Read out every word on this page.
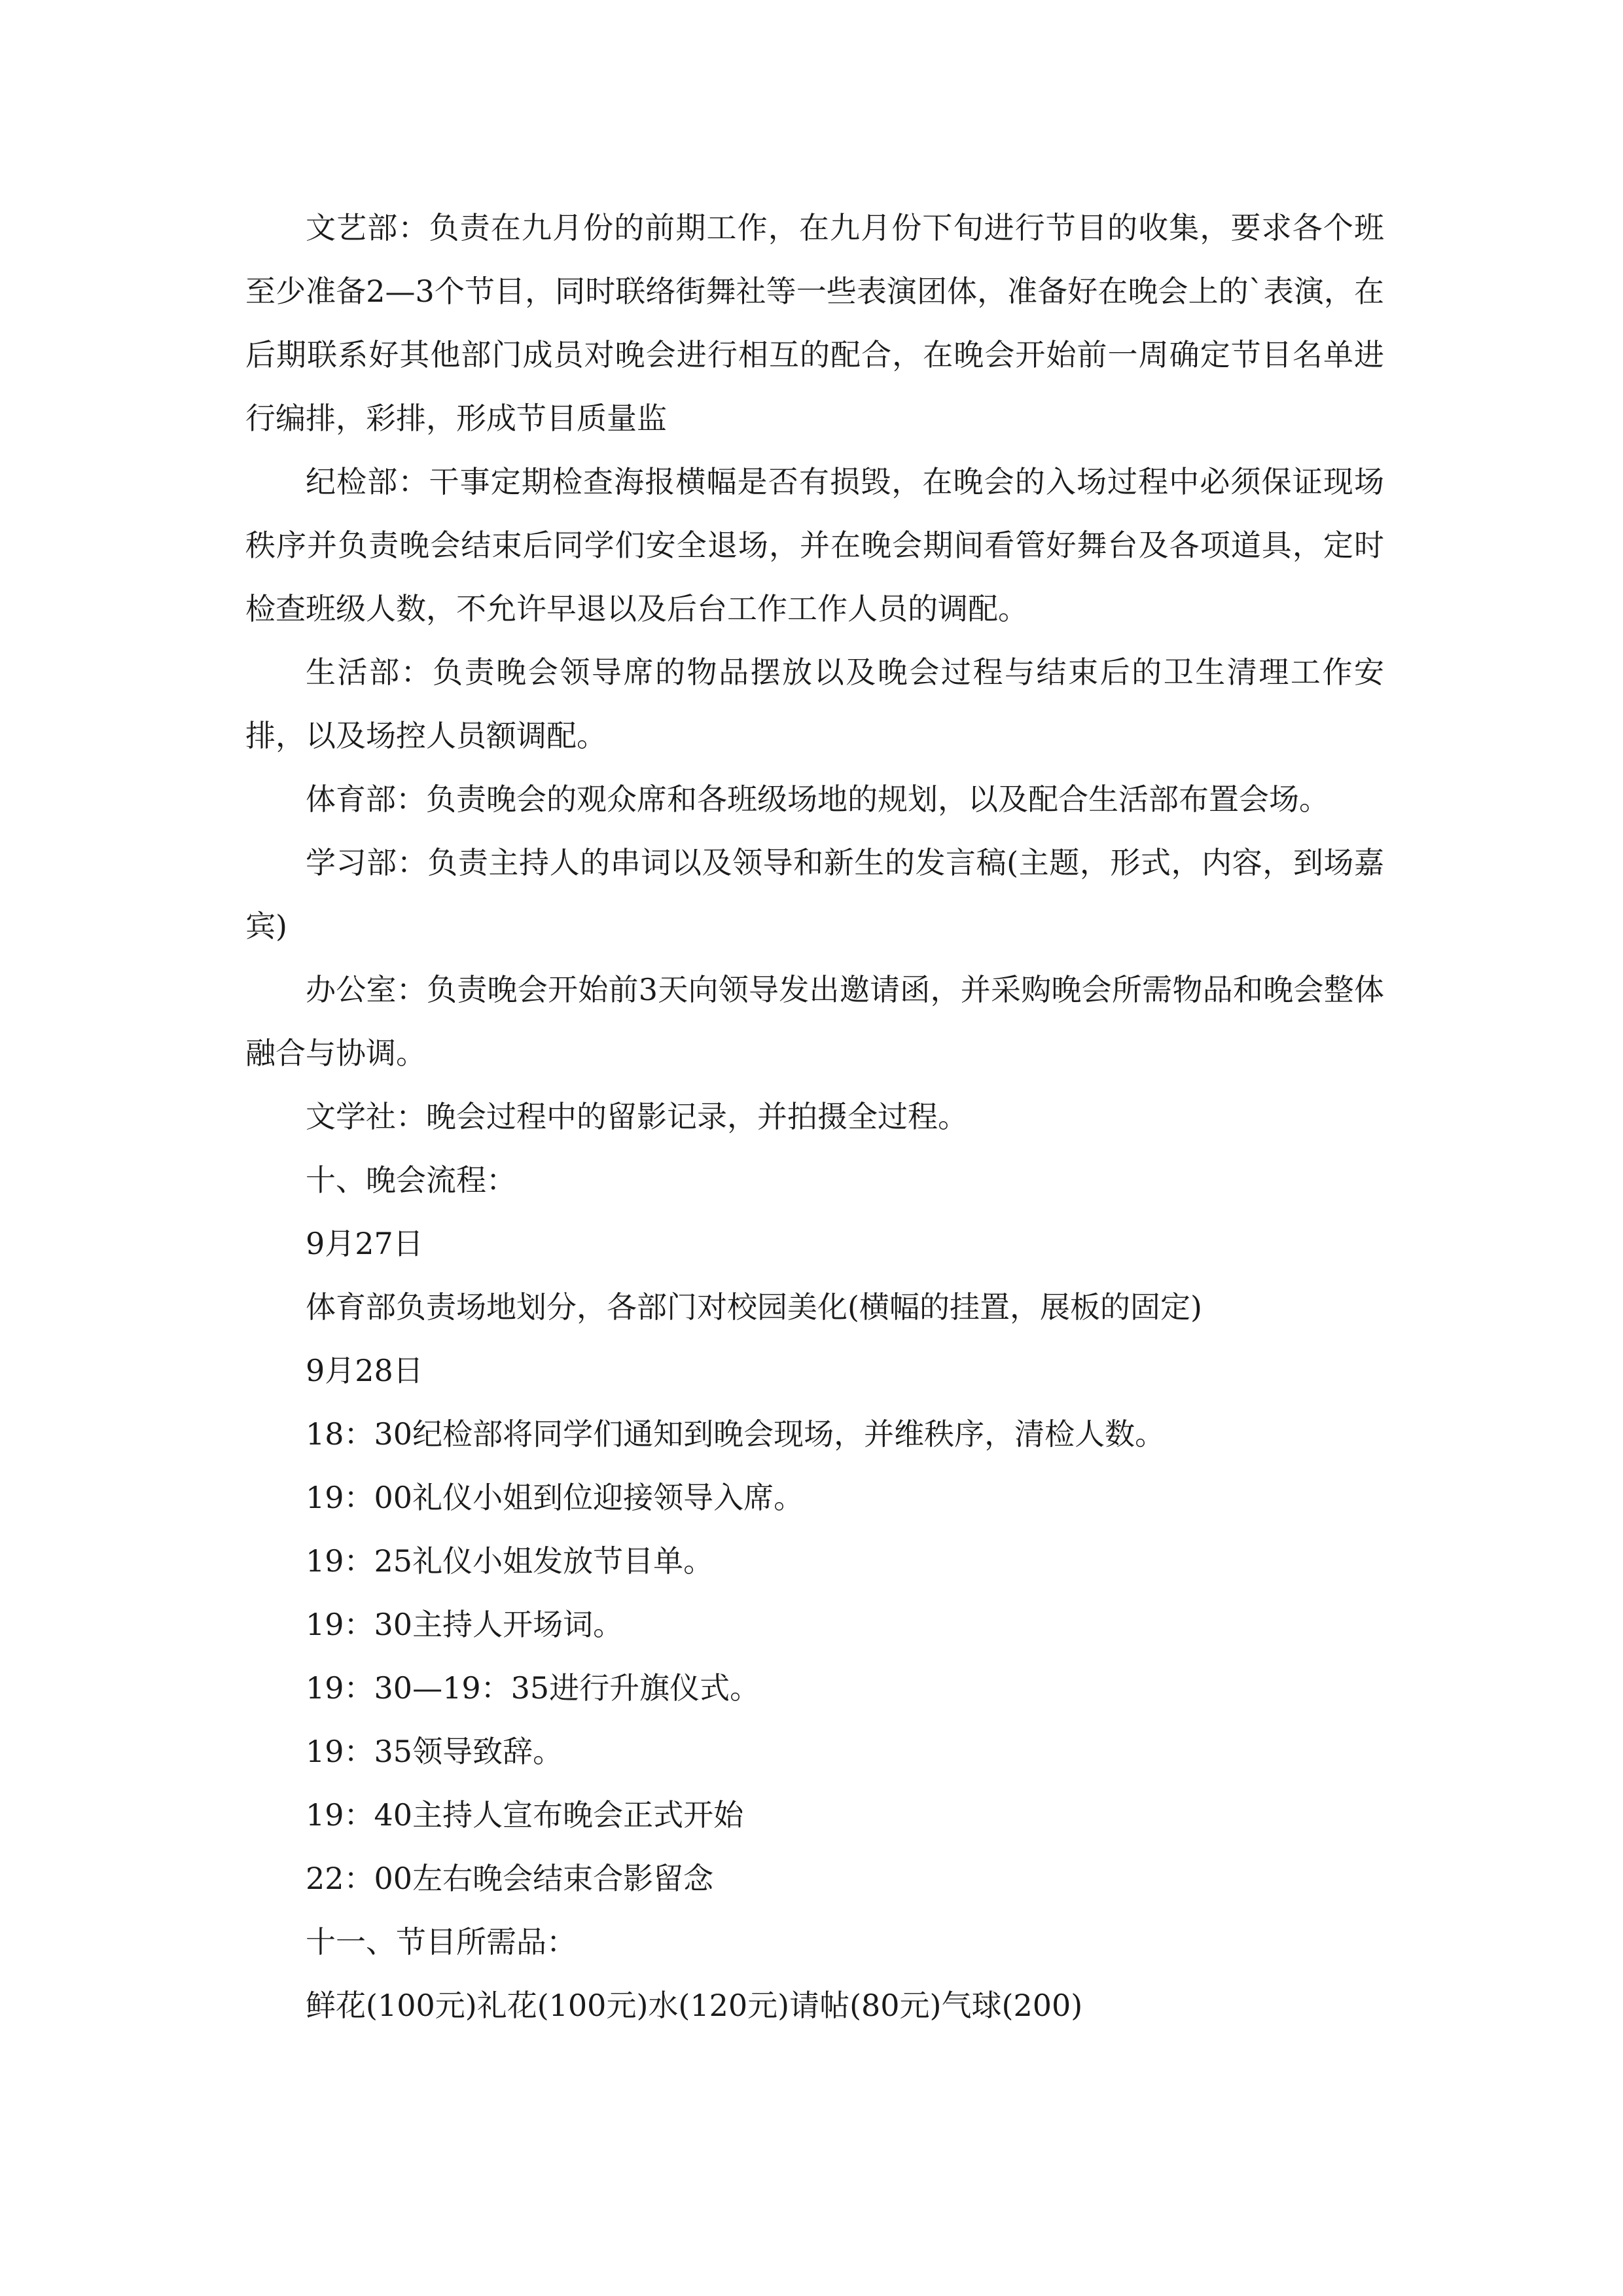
文艺部：负责在九月份的前期工作，在九月份下旬进行节目的收集，要求各个班至少准备2—3个节目，同时联络街舞社等一些表演团体，准备好在晚会上的`表演，在后期联系好其他部门成员对晚会进行相互的配合，在晚会开始前一周确定节目名单进行编排，彩排，形成节目质量监

纪检部：干事定期检查海报横幅是否有损毁，在晚会的入场过程中必须保证现场秩序并负责晚会结束后同学们安全退场，并在晚会期间看管好舞台及各项道具，定时检查班级人数，不允许早退以及后台工作工作人员的调配。

生活部：负责晚会领导席的物品摆放以及晚会过程与结束后的卫生清理工作安排，以及场控人员额调配。

体育部：负责晚会的观众席和各班级场地的规划，以及配合生活部布置会场。

学习部：负责主持人的串词以及领导和新生的发言稿(主题，形式，内容，到场嘉宾)

办公室：负责晚会开始前3天向领导发出邀请函，并采购晚会所需物品和晚会整体融合与协调。

文学社：晚会过程中的留影记录，并拍摄全过程。

十、晚会流程：

9月27日

体育部负责场地划分，各部门对校园美化(横幅的挂置，展板的固定)

9月28日

18：30纪检部将同学们通知到晚会现场，并维秩序，清检人数。

19：00礼仪小姐到位迎接领导入席。

19：25礼仪小姐发放节目单。

19：30主持人开场词。

19：30—19：35进行升旗仪式。

19：35领导致辞。

19：40主持人宣布晚会正式开始

22：00左右晚会结束合影留念

十一、节目所需品：

鲜花(100元)礼花(100元)水(120元)请帖(80元)气球(200)
